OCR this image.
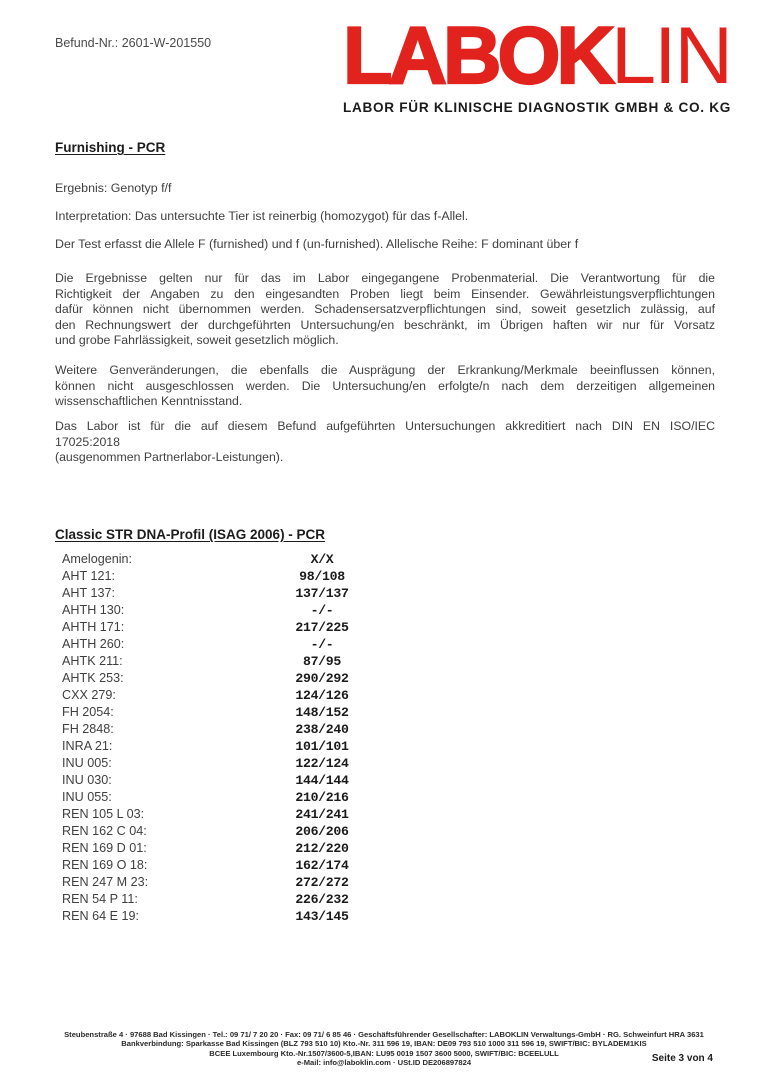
Befund-Nr.: 2601-W-201550 LABOKLIN
LABOR FÜR KLINISCHE DIAGNOSTIK GMBH & CO. KG
Furnishing - PCR
Ergebnis: Genotyp f/f
Interpretation: Das untersuchte Tier ist reinerbig (homozygot) für das f-Allel.
Der Test erfasst die Allele F (furnished) und f (un-furnished). Allelische Reihe: F dominant über f
Die Ergebnisse gelten nur für das im Labor eingegangene Probenmaterial. Die Verantwortung für die
Richtigkeit der Angaben zu den eingesandten Proben liegt beim Einsender. Gewährleistungsverpflichtungen
dafür können nicht übernommen werden. Schadensersatzverpflichtungen sind, soweit gesetzlich zulässig, auf
den Rechnungswert der durchgeführten Untersuchung/en beschränkt, im Übrigen haften wir nur für Vorsatz
und grobe Fahrlässigkeit, soweit gesetzlich möglich.
Weitere Genveränderungen, die ebenfalls die Ausprägung der Erkrankung/Merkmale beeinflussen können,
können nicht ausgeschlossen werden. Die Untersuchung/en erfolgte/n nach dem derzeitigen allgemeinen
wissenschaftlichen Kenntnisstand.
Das Labor ist für die auf diesem Befund aufgeführten Untersuchungen akkreditiert nach DIN EN ISO/IEC
17025:2018
(ausgenommen Partnerlabor-Leistungen).
Classic STR DNA-Profil (ISAG 2006) - PCR
Amelogenin:	X/X
AHT 121:	98/108
AHT 137:	137/137
AHTH 130:	-/-
AHTH 171:	217/225
AHTH 260:	-/-
AHTK 211:	87/95
AHTK 253:	290/292
CXX 279:	124/126
FH 2054:	148/152
FH 2848:	238/240
INRA 21:	101/101
INU 005:	122/124
INU 030:	144/144
INU 055:	210/216
REN 105 L 03:	241/241
REN 162 C 04:	206/206
REN 169 D 01:	212/220
REN 169 O 18:	162/174
REN 247 M 23:	272/272
REN 54 P 11:	226/232
REN 64 E 19:	143/145
Steubenstraße 4 · 97688 Bad Kissingen · Tel.: 09 71/ 7 20 20 · Fax: 09 71/ 6 85 46 · Geschäftsführender Gesellschafter: LABOKLIN Verwaltungs-GmbH · RG. Schweinfurt HRA 3631
Bankverbindung: Sparkasse Bad Kissingen (BLZ 793 510 10) Kto.-Nr. 311 596 19, IBAN: DE09 793 510 1000 311 596 19, SWIFT/BIC: BYLADEM1KIS
BCEE Luxembourg Kto.-Nr.1507/3600-5,IBAN: LU95 0019 1507 3600 5000, SWIFT/BIC: BCEELULL
e-Mail: info@laboklin.com · USt.ID DE206897824	Seite 3 von 4
